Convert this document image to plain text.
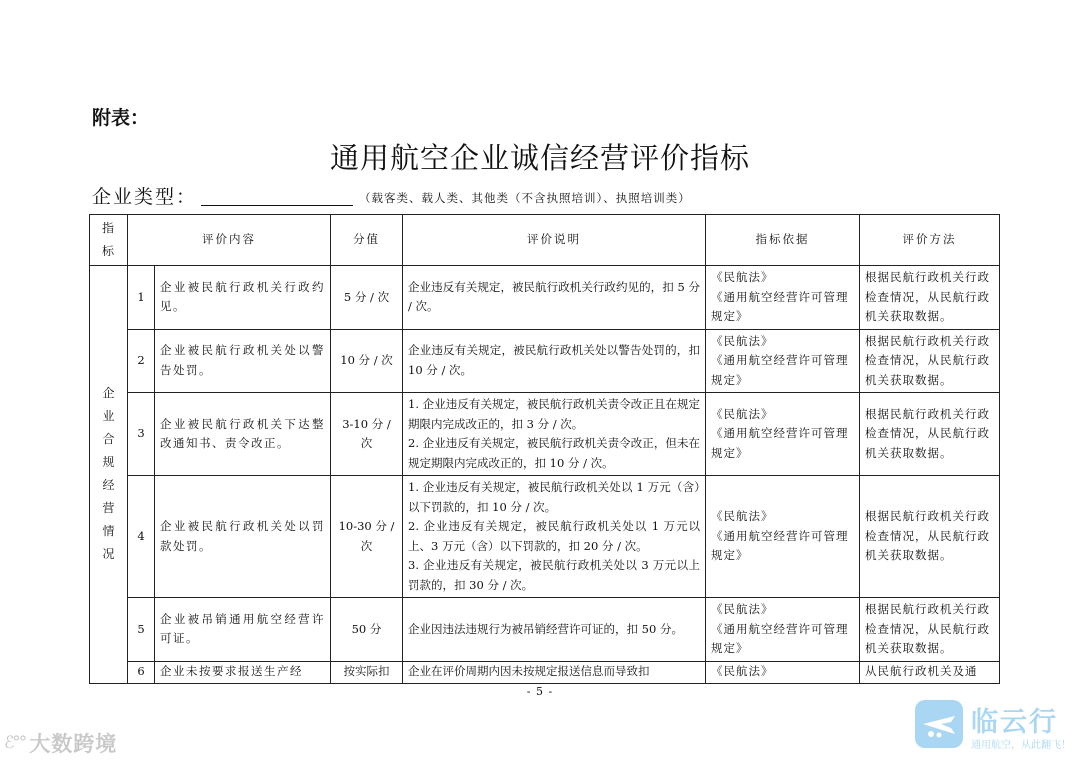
附表：
通用航空企业诚信经营评价指标
企业类型：	（载客类、载人类、其他类（不含执照培训）、执照培训类）
指标	评价内容		分值	评价说明	指标依据	评价方法
企业合规经营情况	1	企业被民航行政机关行政约见。	5 分 / 次	企业违反有关规定，被民航行政机关行政约见的，扣 5 分 / 次。	《民航法》
《通用航空经营许可管理规定》	根据民航行政机关行政检查情况，从民航行政机关获取数据。
	2	企业被民航行政机关处以警告处罚。	10 分 / 次	企业违反有关规定，被民航行政机关处以警告处罚的，扣 10 分 / 次。	《民航法》
《通用航空经营许可管理规定》	根据民航行政机关行政检查情况，从民航行政机关获取数据。
	3	企业被民航行政机关下达整改通知书、责令改正。	3-10 分 / 次	1. 企业违反有关规定，被民航行政机关责令改正且在规定期限内完成改正的，扣 3 分 / 次。
2. 企业违反有关规定，被民航行政机关责令改正，但未在规定期限内完成改正的，扣 10 分 / 次。	《民航法》
《通用航空经营许可管理规定》	根据民航行政机关行政检查情况，从民航行政机关获取数据。
	4	企业被民航行政机关处以罚款处罚。	10-30 分 / 次	1. 企业违反有关规定，被民航行政机关处以 1 万元（含）以下罚款的，扣 10 分 / 次。
2. 企业违反有关规定，被民航行政机关处以 1 万元以上、3 万元（含）以下罚款的，扣 20 分 / 次。
3. 企业违反有关规定，被民航行政机关处以 3 万元以上罚款的，扣 30 分 / 次。	《民航法》
《通用航空经营许可管理规定》	根据民航行政机关行政检查情况，从民航行政机关获取数据。
	5	企业被吊销通用航空经营许可证。	50 分	企业因违法违规行为被吊销经营许可证的，扣 50 分。	《民航法》
《通用航空经营许可管理规定》	根据民航行政机关行政检查情况，从民航行政机关获取数据。
	6	企业未按要求报送生产经	按实际扣	企业在评价周期内因未按规定报送信息而导致扣	《民航法》	从民航行政机关及通
- 5 -
ℰ°° 大数跨境
临云行
通用航空，从此翻飞！
